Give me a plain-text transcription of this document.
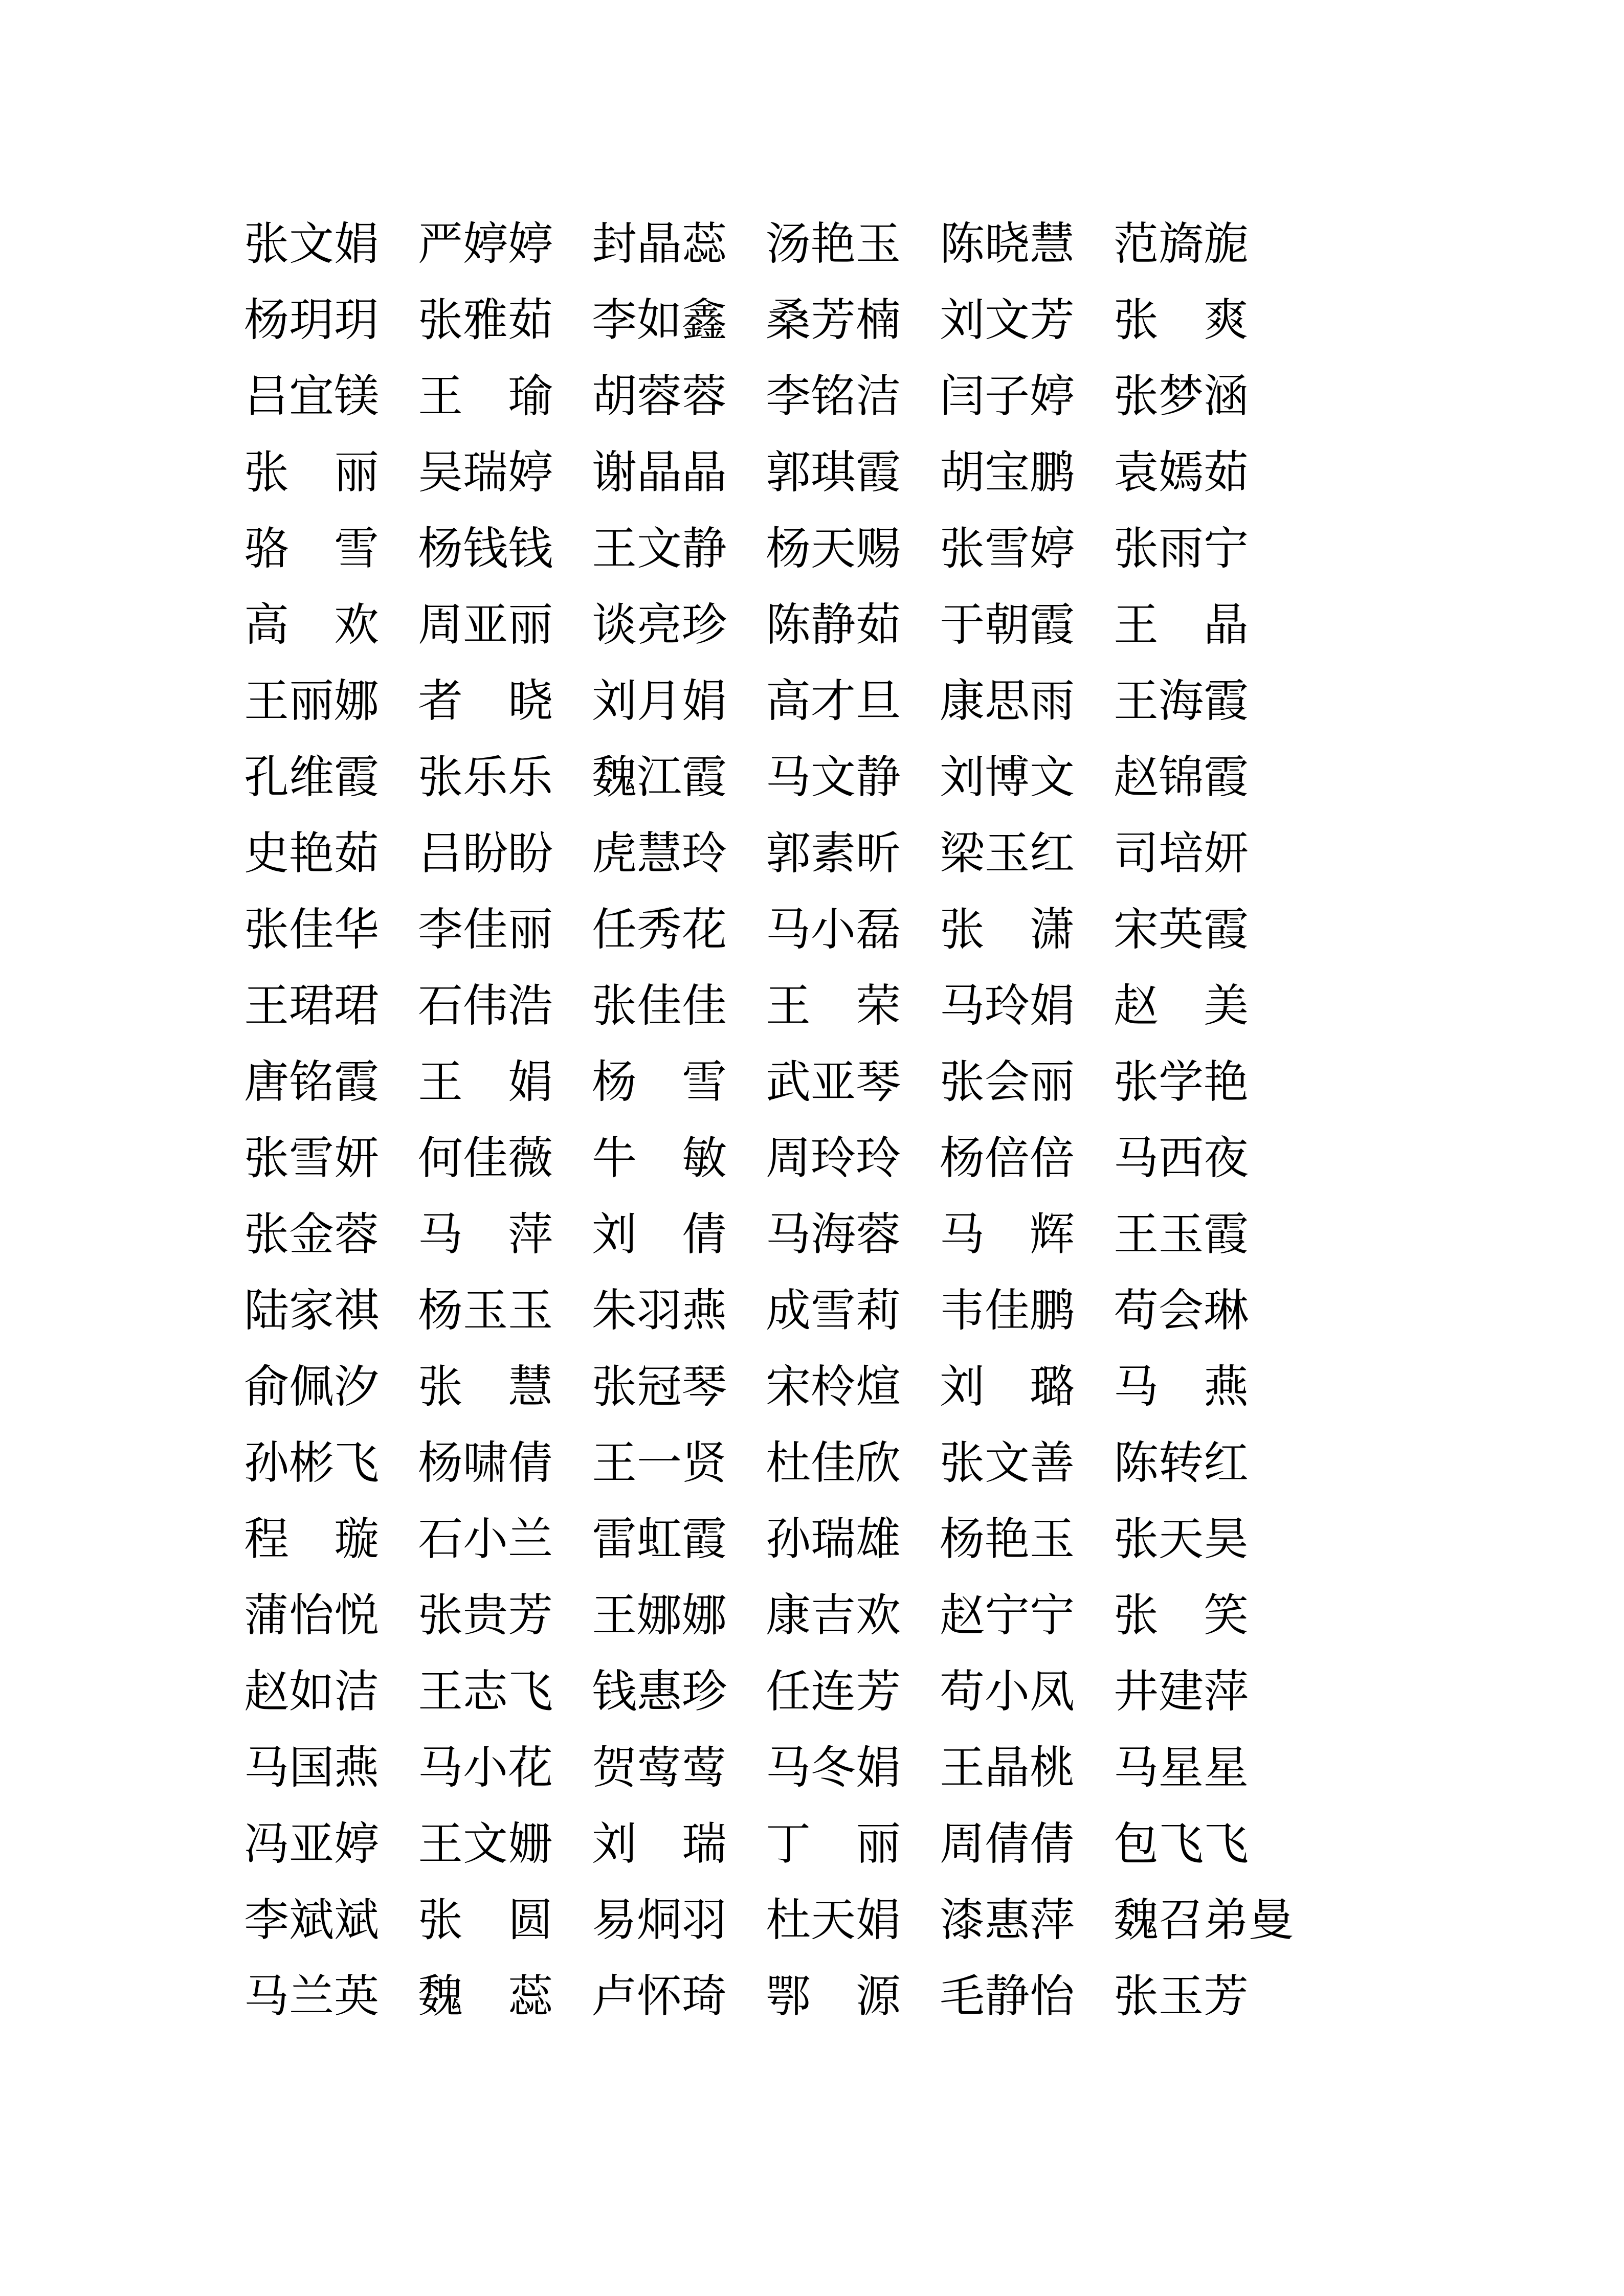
张文娟 严婷婷 封晶蕊 汤艳玉 陈晓慧 范旖旎
杨玥玥 张雅茹 李如鑫 桑芳楠 刘文芳 张爽
吕宜镁 王瑜 胡蓉蓉 李铭洁 闫子婷 张梦涵
张丽 吴瑞婷 谢晶晶 郭琪霞 胡宝鹏 袁嫣茹
骆雪 杨钱钱 王文静 杨天赐 张雪婷 张雨宁
高欢 周亚丽 谈亮珍 陈静茹 于朝霞 王晶
王丽娜 者晓 刘月娟 高才旦 康思雨 王海霞
孔维霞 张乐乐 魏江霞 马文静 刘博文 赵锦霞
史艳茹 吕盼盼 虎慧玲 郭素昕 梁玉红 司培妍
张佳华 李佳丽 任秀花 马小磊 张潇 宋英霞
王珺珺 石伟浩 张佳佳 王荣 马玲娟 赵美
唐铭霞 王娟 杨雪 武亚琴 张会丽 张学艳
张雪妍 何佳薇 牛敏 周玲玲 杨倍倍 马西夜
张金蓉 马萍 刘倩 马海蓉 马辉 王玉霞
陆家祺 杨玉玉 朱羽燕 成雪莉 韦佳鹏 苟会琳
俞佩汐 张慧 张冠琴 宋柃煊 刘璐 马燕
孙彬飞 杨啸倩 王一贤 杜佳欣 张文善 陈转红
程璇 石小兰 雷虹霞 孙瑞雄 杨艳玉 张天昊
蒲怡悦 张贵芳 王娜娜 康吉欢 赵宁宁 张笑
赵如洁 王志飞 钱惠珍 任连芳 苟小凤 井建萍
马国燕 马小花 贺莺莺 马冬娟 王晶桃 马星星
冯亚婷 王文姗 刘瑞 丁丽 周倩倩 包飞飞
李斌斌 张圆 易烔羽 杜天娟 漆惠萍 魏召弟曼
马兰英 魏蕊 卢怀琦 鄂源 毛静怡 张玉芳
